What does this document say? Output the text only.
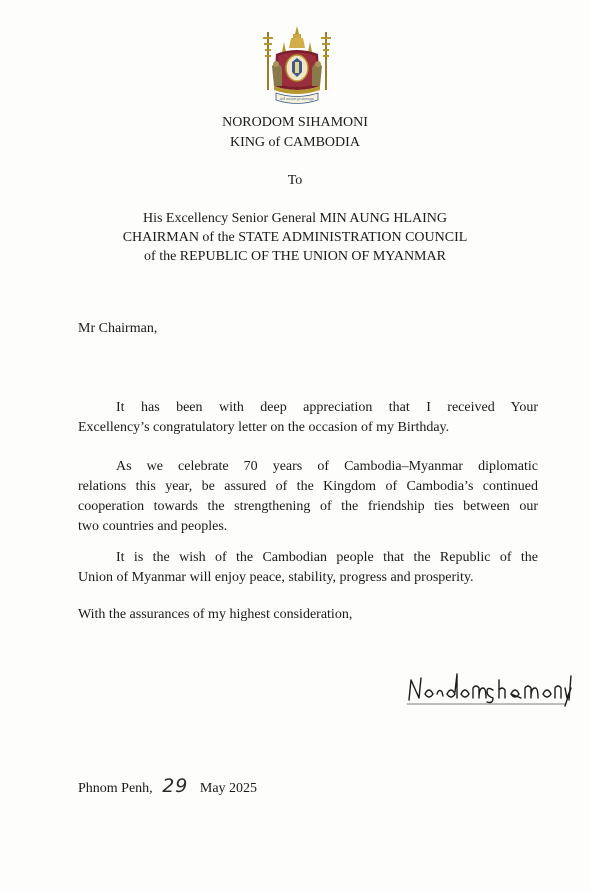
ជាតិ សាសនា ព្រះមហាក្សត្រ
NORODOM SIHAMONI
KING of CAMBODIA
To
His Excellency Senior General MIN AUNG HLAING
CHAIRMAN of the STATE ADMINISTRATION COUNCIL
of the REPUBLIC OF THE UNION OF MYANMAR
Mr Chairman,
It has been with deep appreciation that I received Your
Excellency’s congratulatory letter on the occasion of my Birthday.
As we celebrate 70 years of Cambodia–Myanmar diplomatic
relations this year, be assured of the Kingdom of Cambodia’s continued
cooperation towards the strengthening of the friendship ties between our
two countries and peoples.
It is the wish of the Cambodian people that the Republic of the
Union of Myanmar will enjoy peace, stability, progress and prosperity.
With the assurances of my highest consideration,
Phnom Penh, 29 May 2025
